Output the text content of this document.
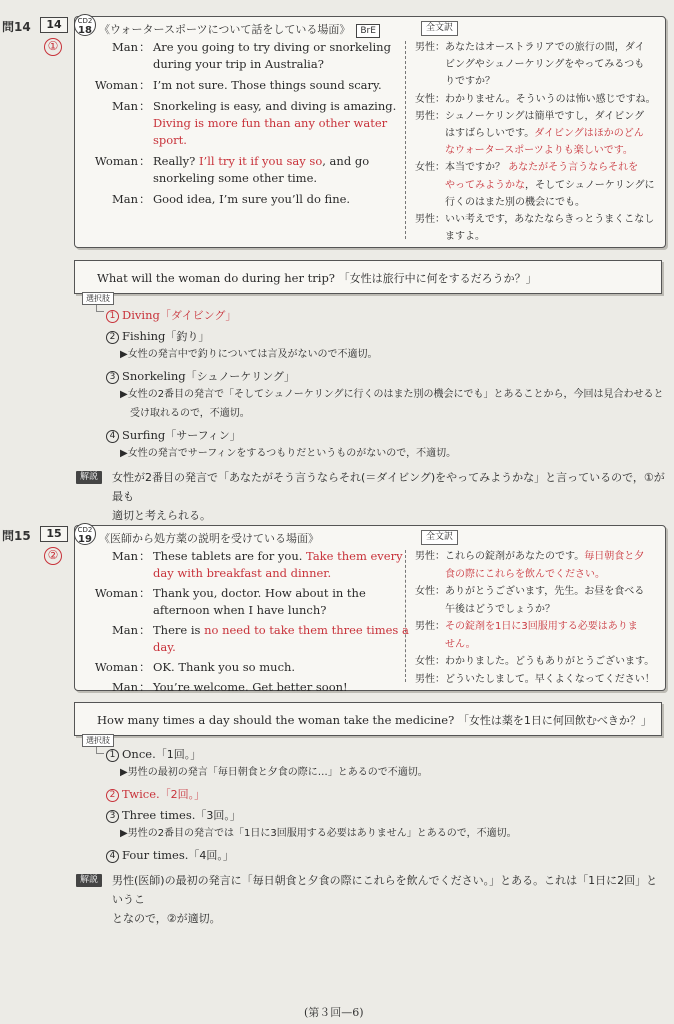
問14	14
①
CD2
18 《ウォータースポーツについて話をしている場面》 BrE	全文訳
Man ： Are you going to try diving or snorkeling
during your trip in Australia?
Woman ： I’m not sure. Those things sound scary.
Man ： Snorkeling is easy, and diving is amazing.
Diving is more fun than any other water
sport.
Woman ： Really? I’ll try it if you say so, and go
snorkeling some other time.
Man ： Good idea, I’m sure you’ll do fine.
男性：あなたはオーストラリアでの旅行の間，ダイ
　　　ビングやシュノーケリングをやってみるつも
　　　りですか？
女性：わかりません。そういうのは怖い感じですね。
男性：シュノーケリングは簡単ですし，ダイビング
　　　はすばらしいです。ダイビングはほかのどん
　　　なウォータースポーツよりも楽しいです。
女性：本当ですか？ あなたがそう言うならそれを
　　　やってみようかな，そしてシュノーケリングに
　　　行くのはまた別の機会にでも。
男性：いい考えです，あなたならきっとうまくこなし
　　　ますよ。
What will the woman do during her trip? 「女性は旅行中に何をするだろうか？」
選択肢
1 Diving「ダイビング」
2 Fishing「釣り」
▶女性の発言中で釣りについては言及がないので不適切。
3 Snorkeling「シュノーケリング」
▶女性の2番目の発言で「そしてシュノーケリングに行くのはまた別の機会にでも」とあることから，今回は見合わせると
受け取れるので，不適切。
4 Surfing「サーフィン」
▶女性の発言でサーフィンをするつもりだというものがないので，不適切。
解説	女性が2番目の発言で「あなたがそう言うならそれ(＝ダイビング)をやってみようかな」と言っているので，①が最も
適切と考えられる。
問15	15
②
CD2
19 《医師から処方薬の説明を受けている場面》	全文訳
Man ： These tablets are for you. Take them every
day with breakfast and dinner.
Woman ： Thank you, doctor. How about in the
afternoon when I have lunch?
Man ： There is no need to take them three times a
day.
Woman ： OK. Thank you so much.
Man ： You’re welcome. Get better soon!
男性：これらの錠剤があなたのです。毎日朝食と夕
　　　食の際にこれらを飲んでください。
女性：ありがとうございます，先生。お昼を食べる
　　　午後はどうでしょうか？
男性：その錠剤を1日に3回服用する必要はありま
　　　せん。
女性：わかりました。どうもありがとうございます。
男性：どういたしまして。早くよくなってください！
How many times a day should the woman take the medicine? 「女性は薬を1日に何回飲むべきか？」
選択肢
1 Once.「1回。」
▶男性の最初の発言「毎日朝食と夕食の際に…」とあるので不適切。
2 Twice.「2回。」
3 Three times.「3回。」
▶男性の2番目の発言では「1日に3回服用する必要はありません」とあるので，不適切。
4 Four times.「4回。」
解説	男性(医師)の最初の発言に「毎日朝食と夕食の際にこれらを飲んでください。」とある。これは「1日に2回」というこ
となので，②が適切。
(第３回—6)
